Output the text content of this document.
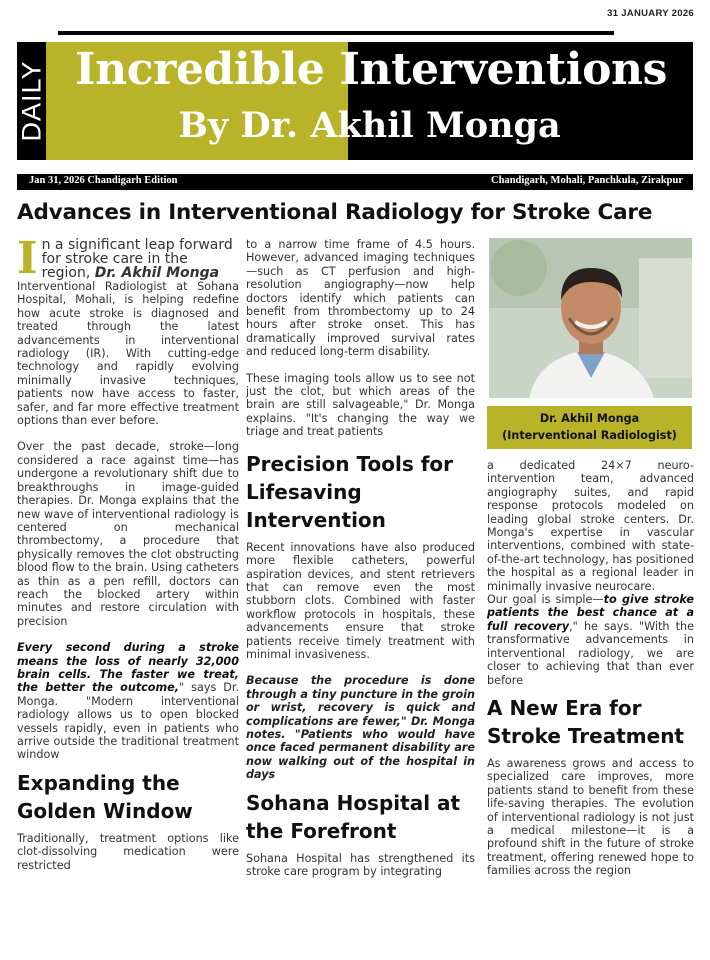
31 JANUARY 2026
DAILY Incredible Interventions
By Dr. Akhil Monga
Jan 31, 2026 Chandigarh Edition	Chandigarh, Mohali, Panchkula, Zirakpur
Advances in Interventional Radiology for Stroke Care

In a significant leap forward for stroke care in the region, Dr. Akhil Monga

Interventional Radiologist at Sohana Hospital, Mohali, is helping redefine how acute stroke is diagnosed and treated through the latest advancements in interventional radiology (IR). With cutting-edge technology and rapidly evolving minimally invasive techniques, patients now have access to faster, safer, and far more effective treatment options than ever before.

Over the past decade, stroke—long considered a race against time—has undergone a revolutionary shift due to breakthroughs in image-guided therapies. Dr. Monga explains that the new wave of interventional radiology is centered on mechanical thrombectomy, a procedure that physically removes the clot obstructing blood flow to the brain. Using catheters as thin as a pen refill, doctors can reach the blocked artery within minutes and restore circulation with precision

Every second during a stroke means the loss of nearly 32,000 brain cells. The faster we treat, the better the outcome," says Dr. Monga. "Modern interventional radiology allows us to open blocked vessels rapidly, even in patients who arrive outside the traditional treatment window

Expanding the Golden Window

Traditionally, treatment options like clot-dissolving medication were restricted

to a narrow time frame of 4.5 hours. However, advanced imaging techniques—such as CT perfusion and high-resolution angiography—now help doctors identify which patients can benefit from thrombectomy up to 24 hours after stroke onset. This has dramatically improved survival rates and reduced long-term disability.

These imaging tools allow us to see not just the clot, but which areas of the brain are still salvageable," Dr. Monga explains. "It's changing the way we triage and treat patients

Precision Tools for Lifesaving Intervention

Recent innovations have also produced more flexible catheters, powerful aspiration devices, and stent retrievers that can remove even the most stubborn clots. Combined with faster workflow protocols in hospitals, these advancements ensure that stroke patients receive timely treatment with minimal invasiveness.

Because the procedure is done through a tiny puncture in the groin or wrist, recovery is quick and complications are fewer," Dr. Monga notes. "Patients who would have once faced permanent disability are now walking out of the hospital in days

Sohana Hospital at the Forefront

Sohana Hospital has strengthened its stroke care program by integrating

Dr. Akhil Monga
(Interventional Radiologist)

a dedicated 24×7 neuro-intervention team, advanced angiography suites, and rapid response protocols modeled on leading global stroke centers. Dr. Monga's expertise in vascular interventions, combined with state-of-the-art technology, has positioned the hospital as a regional leader in minimally invasive neurocare.

Our goal is simple—to give stroke patients the best chance at a full recovery," he says. "With the transformative advancements in interventional radiology, we are closer to achieving that than ever before

A New Era for Stroke Treatment

As awareness grows and access to specialized care improves, more patients stand to benefit from these life-saving therapies. The evolution of interventional radiology is not just a medical milestone—it is a profound shift in the future of stroke treatment, offering renewed hope to families across the region
